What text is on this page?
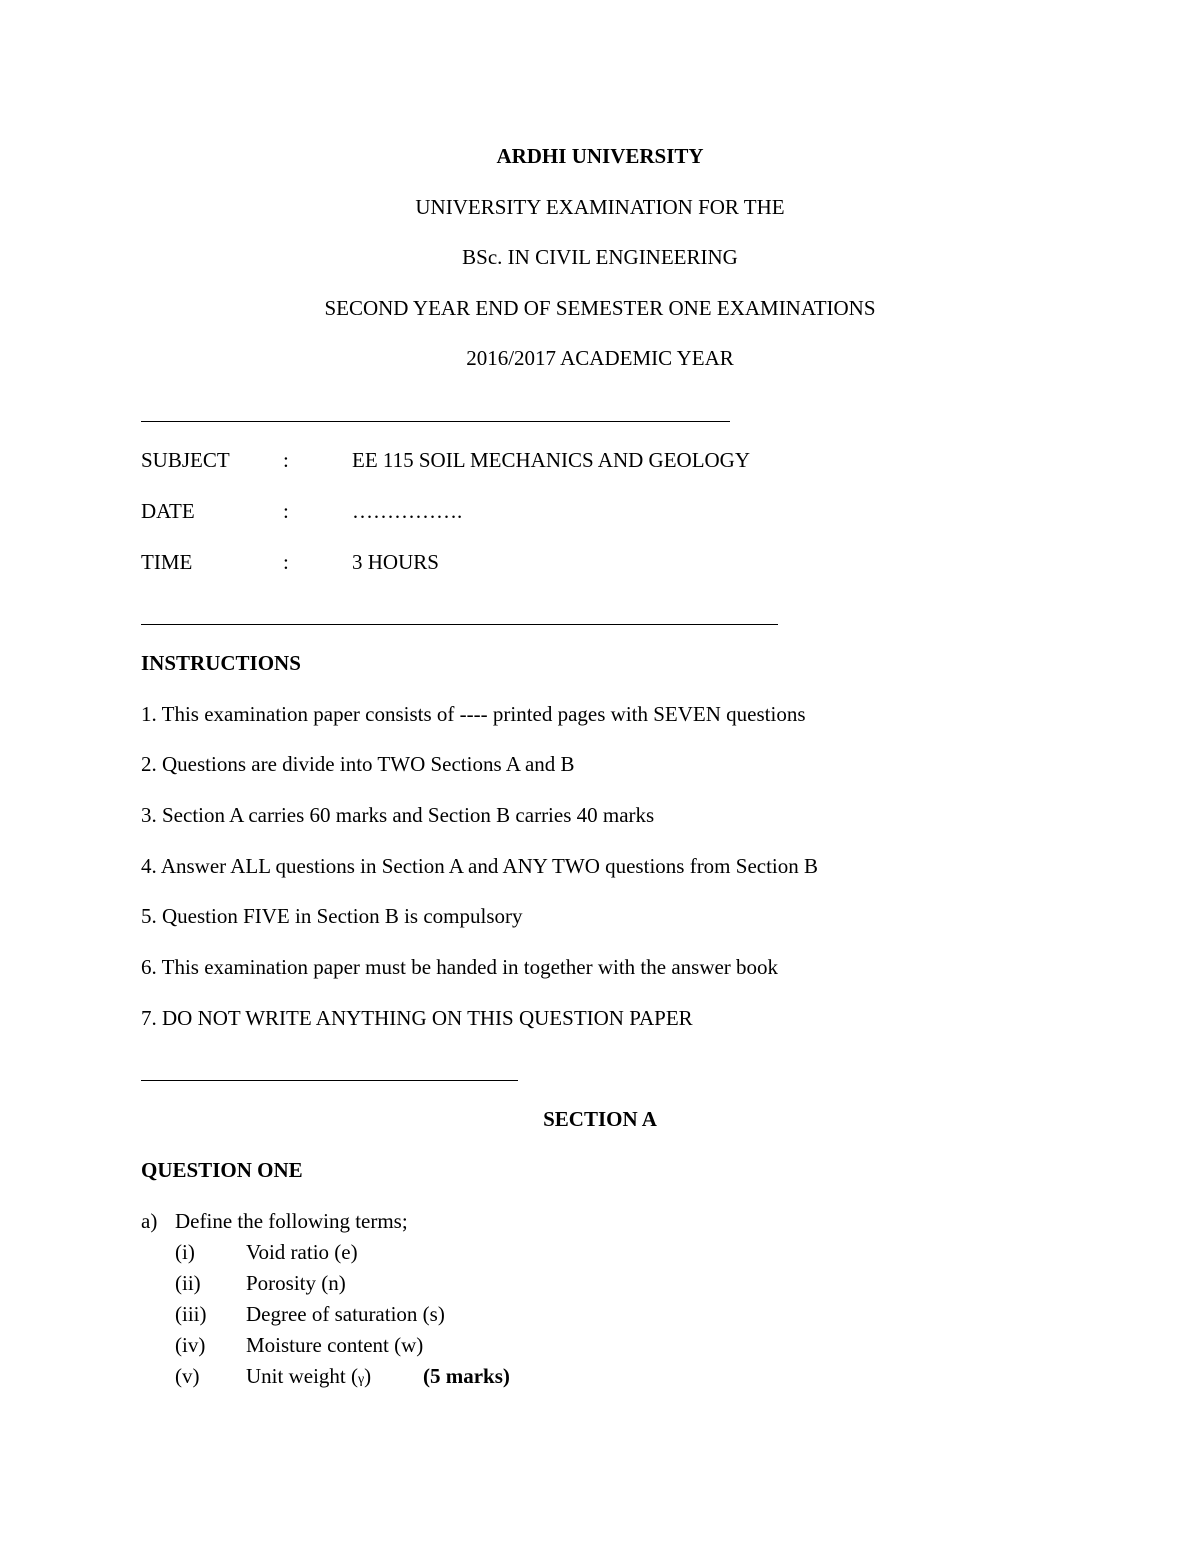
ARDHI UNIVERSITY
UNIVERSITY EXAMINATION FOR THE
BSc. IN CIVIL ENGINEERING
SECOND YEAR END OF SEMESTER ONE EXAMINATIONS
2016/2017 ACADEMIC YEAR
SUBJECT	:	EE 115 SOIL MECHANICS AND GEOLOGY
DATE	:	…………….
TIME	:	3 HOURS
INSTRUCTIONS
1. This examination paper consists of ---- printed pages with SEVEN questions
2. Questions are divide into TWO Sections A and B
3. Section A carries 60 marks and Section B carries 40 marks
4. Answer ALL questions in Section A and ANY TWO questions from Section B
5. Question FIVE in Section B is compulsory
6. This examination paper must be handed in together with the answer book
7. DO NOT WRITE ANYTHING ON THIS QUESTION PAPER
SECTION A
QUESTION ONE
a) Define the following terms;
(i) Void ratio (e)
(ii) Porosity (n)
(iii) Degree of saturation (s)
(iv) Moisture content (w)
(v) Unit weight (γ) (5 marks)
